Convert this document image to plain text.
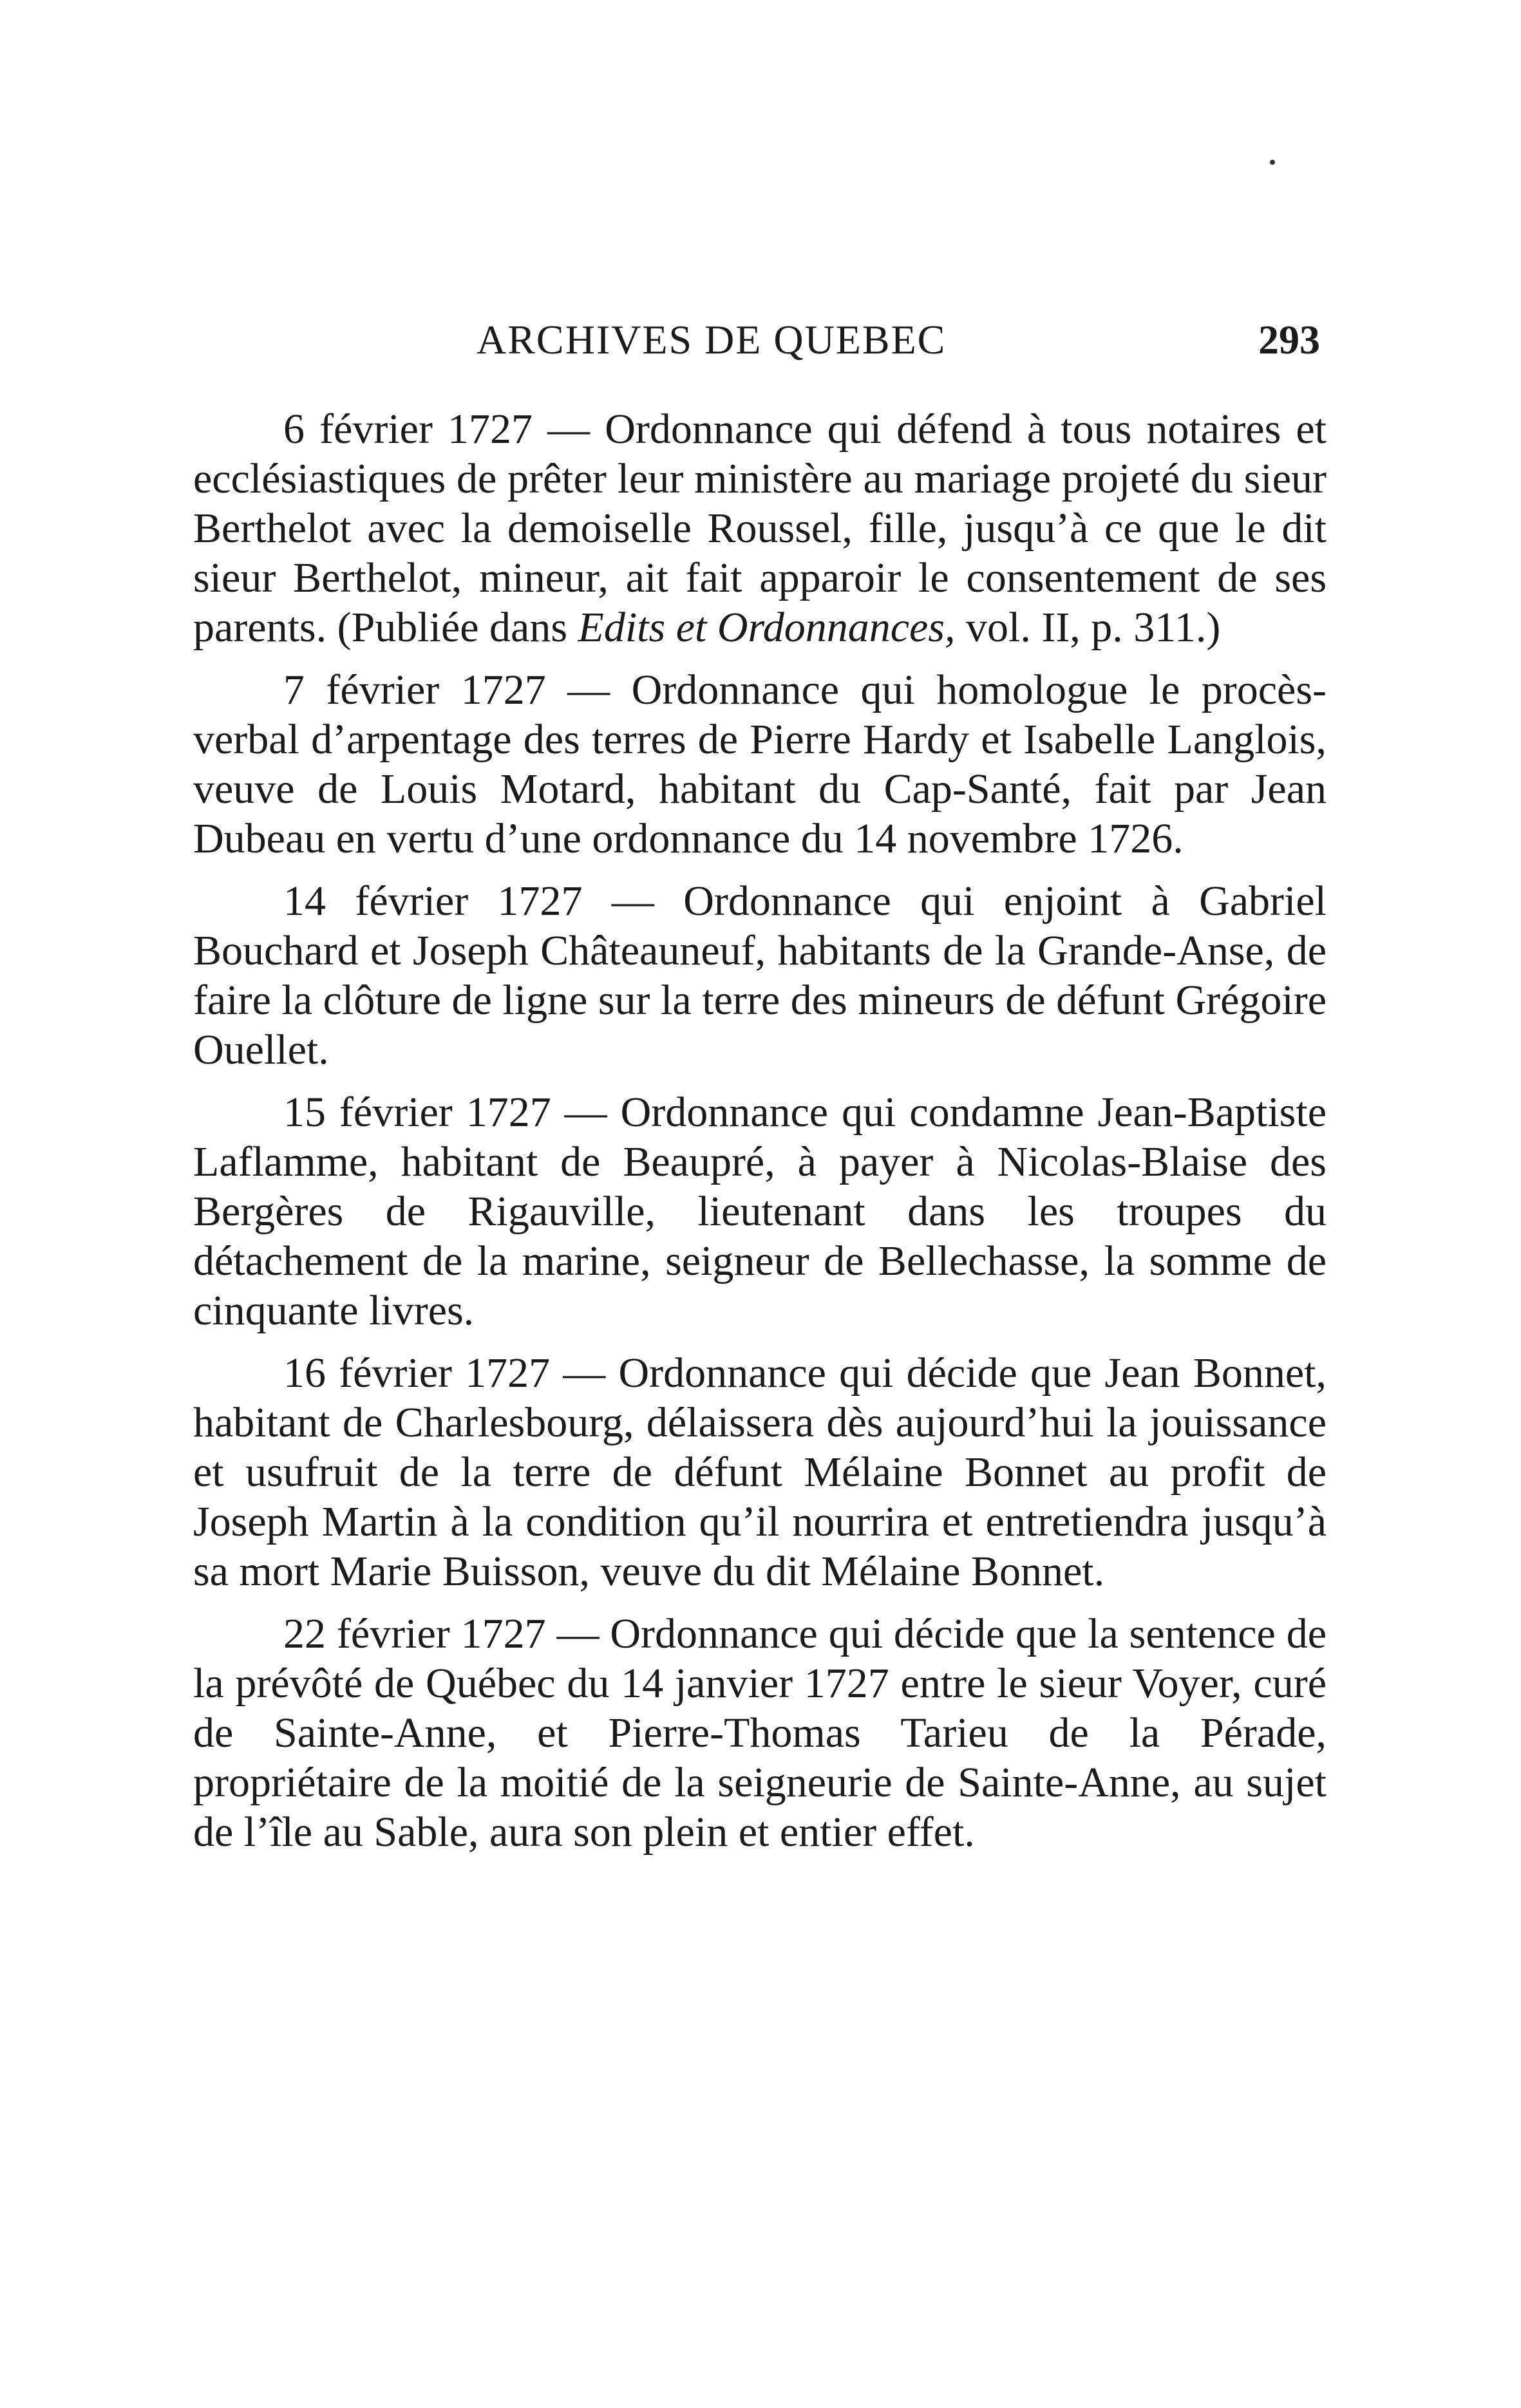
ARCHIVES DE QUEBEC	293

6 février 1727 — Ordonnance qui défend à tous notaires et ecclésiastiques de prêter leur ministère au mariage projeté du sieur Berthelot avec la demoiselle Roussel, fille, jusqu’à ce que le dit sieur Berthelot, mineur, ait fait apparoir le consentement de ses parents. (Publiée dans Edits et Ordonnances, vol. II, p. 311.)

7 février 1727 — Ordonnance qui homologue le procès-verbal d’arpentage des terres de Pierre Hardy et Isabelle Langlois, veuve de Louis Motard, habitant du Cap-Santé, fait par Jean Dubeau en vertu d’une ordonnance du 14 novembre 1726.

14 février 1727 — Ordonnance qui enjoint à Gabriel Bouchard et Joseph Châteauneuf, habitants de la Grande-Anse, de faire la clôture de ligne sur la terre des mineurs de défunt Grégoire Ouellet.

15 février 1727 — Ordonnance qui condamne Jean-Baptiste Laflamme, habitant de Beaupré, à payer à Nicolas-Blaise des Bergères de Rigauville, lieutenant dans les troupes du détachement de la marine, seigneur de Bellechasse, la somme de cinquante livres.

16 février 1727 — Ordonnance qui décide que Jean Bonnet, habitant de Charlesbourg, délaissera dès aujourd’hui la jouissance et usufruit de la terre de défunt Mélaine Bonnet au profit de Joseph Martin à la condition qu’il nourrira et entretiendra jusqu’à sa mort Marie Buisson, veuve du dit Mélaine Bonnet.

22 février 1727 — Ordonnance qui décide que la sentence de la prévôté de Québec du 14 janvier 1727 entre le sieur Voyer, curé de Sainte-Anne, et Pierre-Thomas Tarieu de la Pérade, propriétaire de la moitié de la seigneurie de Sainte-Anne, au sujet de l’île au Sable, aura son plein et entier effet.
